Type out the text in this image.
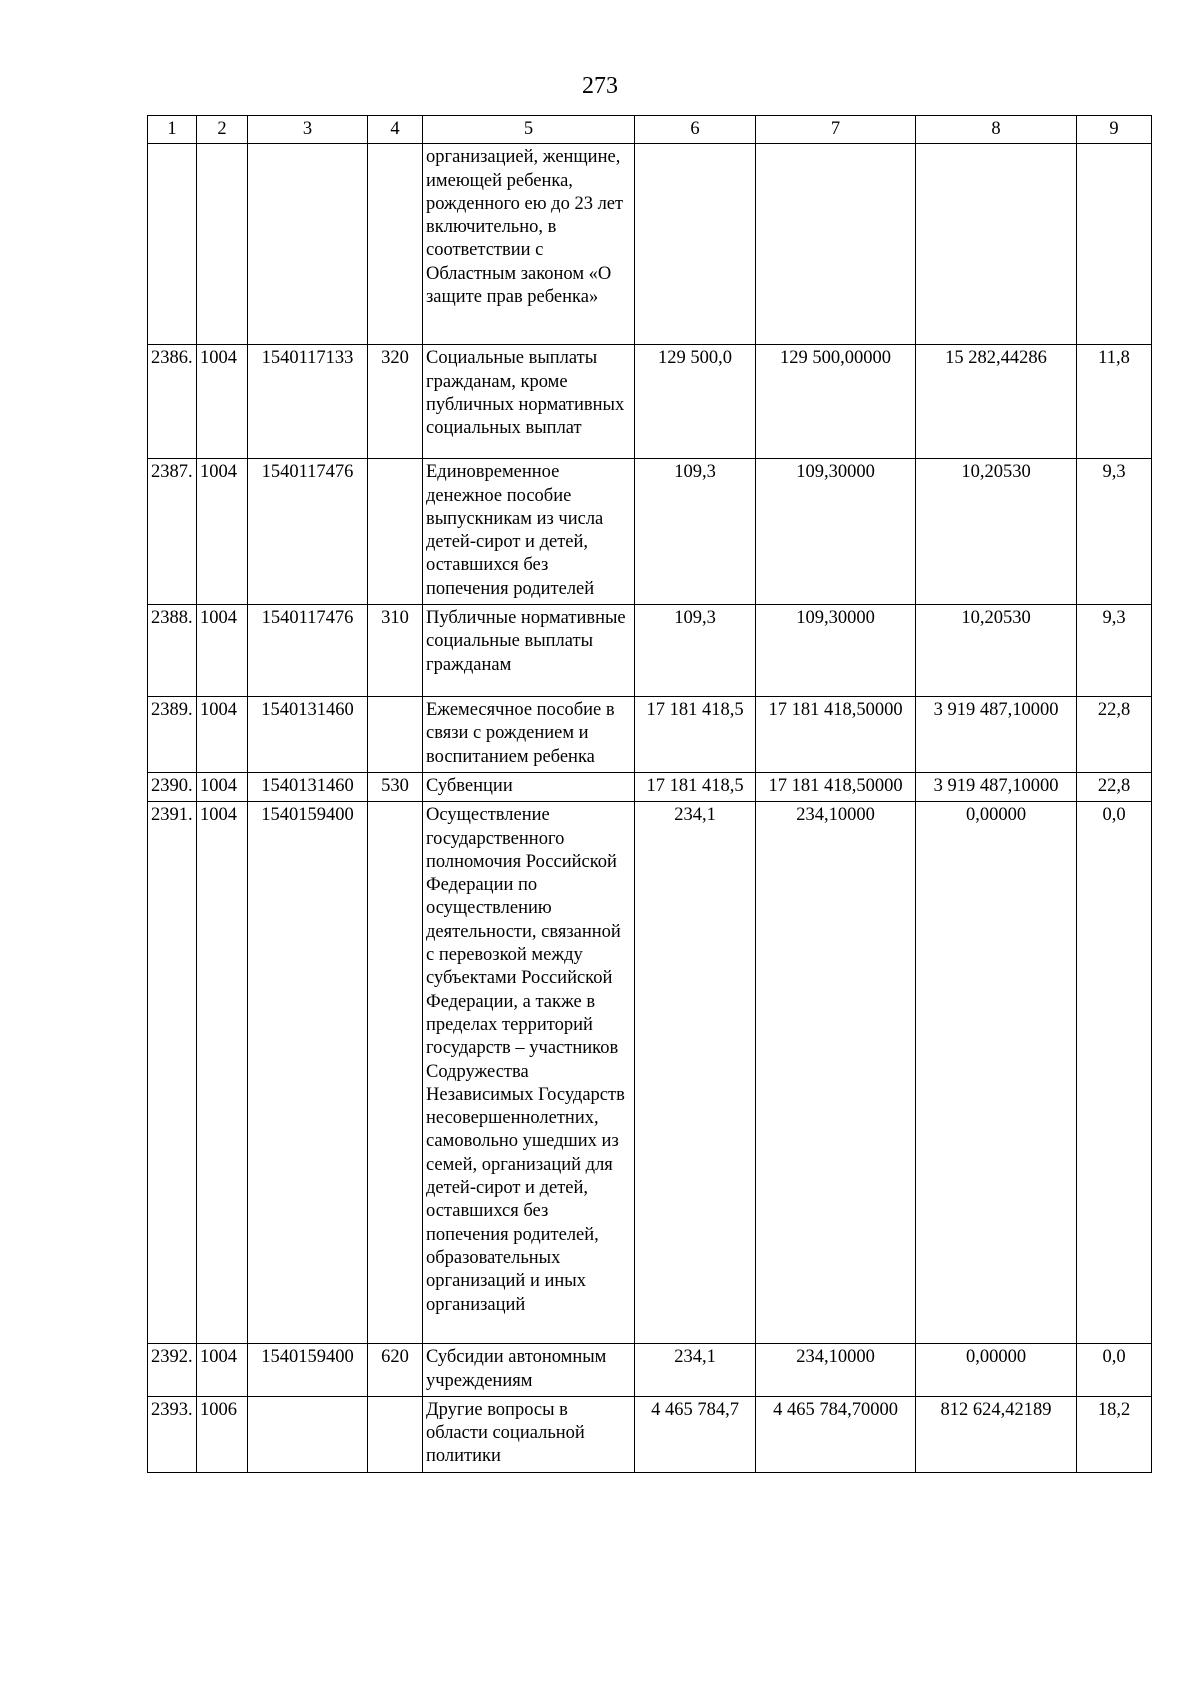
273
1	2	3	4	5	6	7	8	9
				организацией, женщине, имеющей ребенка, рожденного ею до 23 лет включительно, в соответствии с Областным законом «О защите прав ребенка»				
2386.	1004	1540117133	320	Социальные выплаты гражданам, кроме публичных нормативных социальных выплат	129 500,0	129 500,00000	15 282,44286	11,8
2387.	1004	1540117476		Единовременное денежное пособие выпускникам из числа детей-сирот и детей, оставшихся без попечения родителей	109,3	109,30000	10,20530	9,3
2388.	1004	1540117476	310	Публичные нормативные социальные выплаты гражданам	109,3	109,30000	10,20530	9,3
2389.	1004	1540131460		Ежемесячное пособие в связи с рождением и воспитанием ребенка	17 181 418,5	17 181 418,50000	3 919 487,10000	22,8
2390.	1004	1540131460	530	Субвенции	17 181 418,5	17 181 418,50000	3 919 487,10000	22,8
2391.	1004	1540159400		Осуществление государственного полномочия Российской Федерации по осуществлению деятельности, связанной с перевозкой между субъектами Российской Федерации, а также в пределах территорий государств – участников Содружества Независимых Государств несовершеннолетних, самовольно ушедших из семей, организаций для детей-сирот и детей, оставшихся без попечения родителей, образовательных организаций и иных организаций	234,1	234,10000	0,00000	0,0
2392.	1004	1540159400	620	Субсидии автономным учреждениям	234,1	234,10000	0,00000	0,0
2393.	1006			Другие вопросы в области социальной политики	4 465 784,7	4 465 784,70000	812 624,42189	18,2
